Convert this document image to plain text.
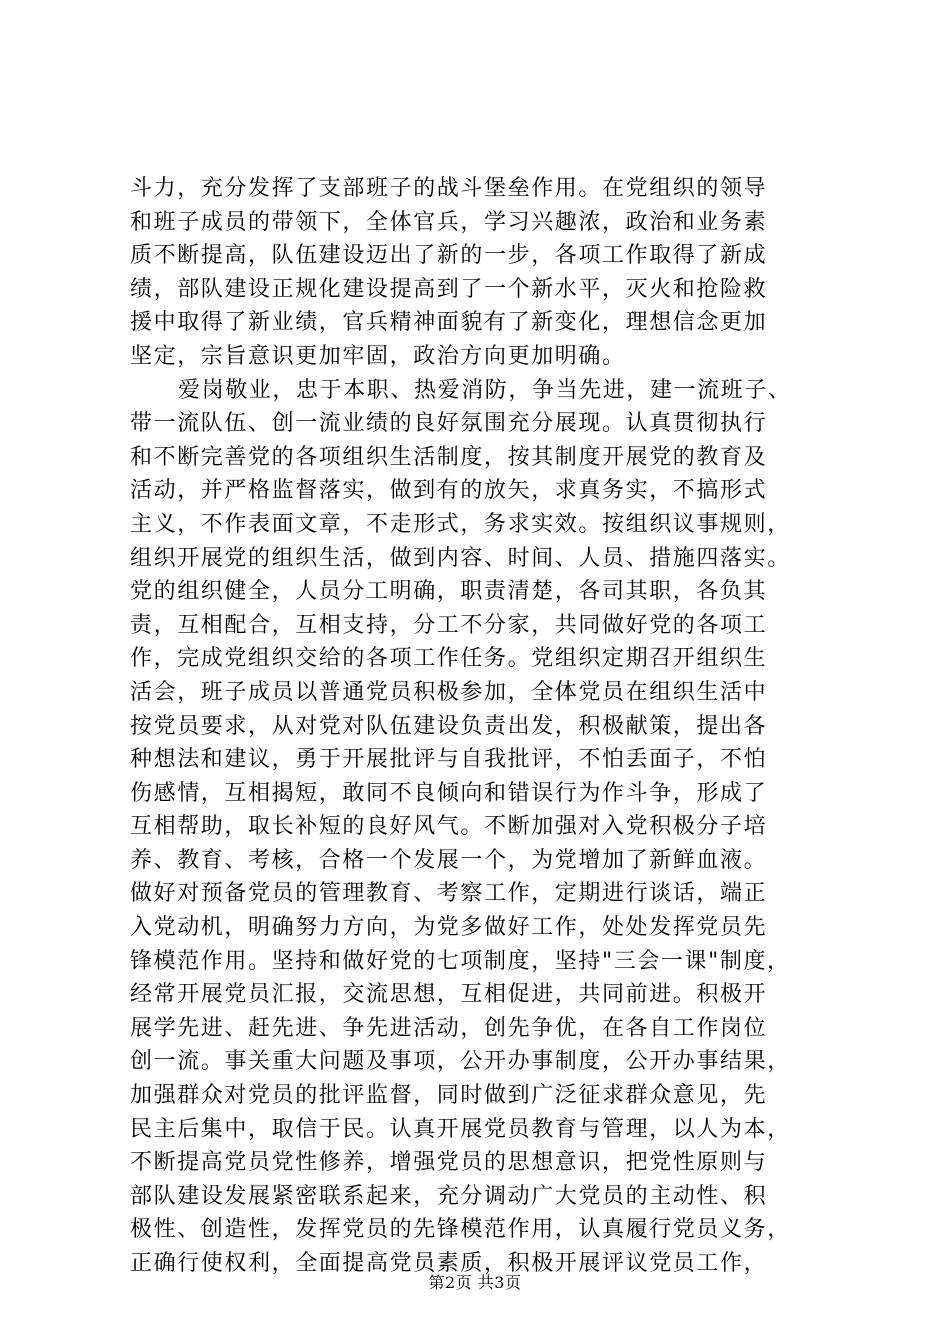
斗力，充分发挥了支部班子的战斗堡垒作用。在党组织的领导
和班子成员的带领下，全体官兵，学习兴趣浓，政治和业务素
质不断提高，队伍建设迈出了新的一步，各项工作取得了新成
绩，部队建设正规化建设提高到了一个新水平，灭火和抢险救
援中取得了新业绩，官兵精神面貌有了新变化，理想信念更加
坚定，宗旨意识更加牢固，政治方向更加明确。
爱岗敬业，忠于本职、热爱消防，争当先进，建一流班子、
带一流队伍、创一流业绩的良好氛围充分展现。认真贯彻执行
和不断完善党的各项组织生活制度，按其制度开展党的教育及
活动，并严格监督落实，做到有的放矢，求真务实，不搞形式
主义，不作表面文章，不走形式，务求实效。按组织议事规则，
组织开展党的组织生活，做到内容、时间、人员、措施四落实。
党的组织健全，人员分工明确，职责清楚，各司其职，各负其
责，互相配合，互相支持，分工不分家，共同做好党的各项工
作，完成党组织交给的各项工作任务。党组织定期召开组织生
活会，班子成员以普通党员积极参加，全体党员在组织生活中
按党员要求，从对党对队伍建设负责出发，积极献策，提出各
种想法和建议，勇于开展批评与自我批评，不怕丢面子，不怕
伤感情，互相揭短，敢同不良倾向和错误行为作斗争，形成了
互相帮助，取长补短的良好风气。不断加强对入党积极分子培
养、教育、考核，合格一个发展一个，为党增加了新鲜血液。
做好对预备党员的管理教育、考察工作，定期进行谈话，端正
入党动机，明确努力方向，为党多做好工作，处处发挥党员先
锋模范作用。坚持和做好党的七项制度，坚持"三会一课"制度，
经常开展党员汇报，交流思想，互相促进，共同前进。积极开
展学先进、赶先进、争先进活动，创先争优，在各自工作岗位
创一流。事关重大问题及事项，公开办事制度，公开办事结果，
加强群众对党员的批评监督，同时做到广泛征求群众意见，先
民主后集中，取信于民。认真开展党员教育与管理，以人为本，
不断提高党员党性修养，增强党员的思想意识，把党性原则与
部队建设发展紧密联系起来，充分调动广大党员的主动性、积
极性、创造性，发挥党员的先锋模范作用，认真履行党员义务，
正确行使权利，全面提高党员素质，积极开展评议党员工作，
第2页 共3页
